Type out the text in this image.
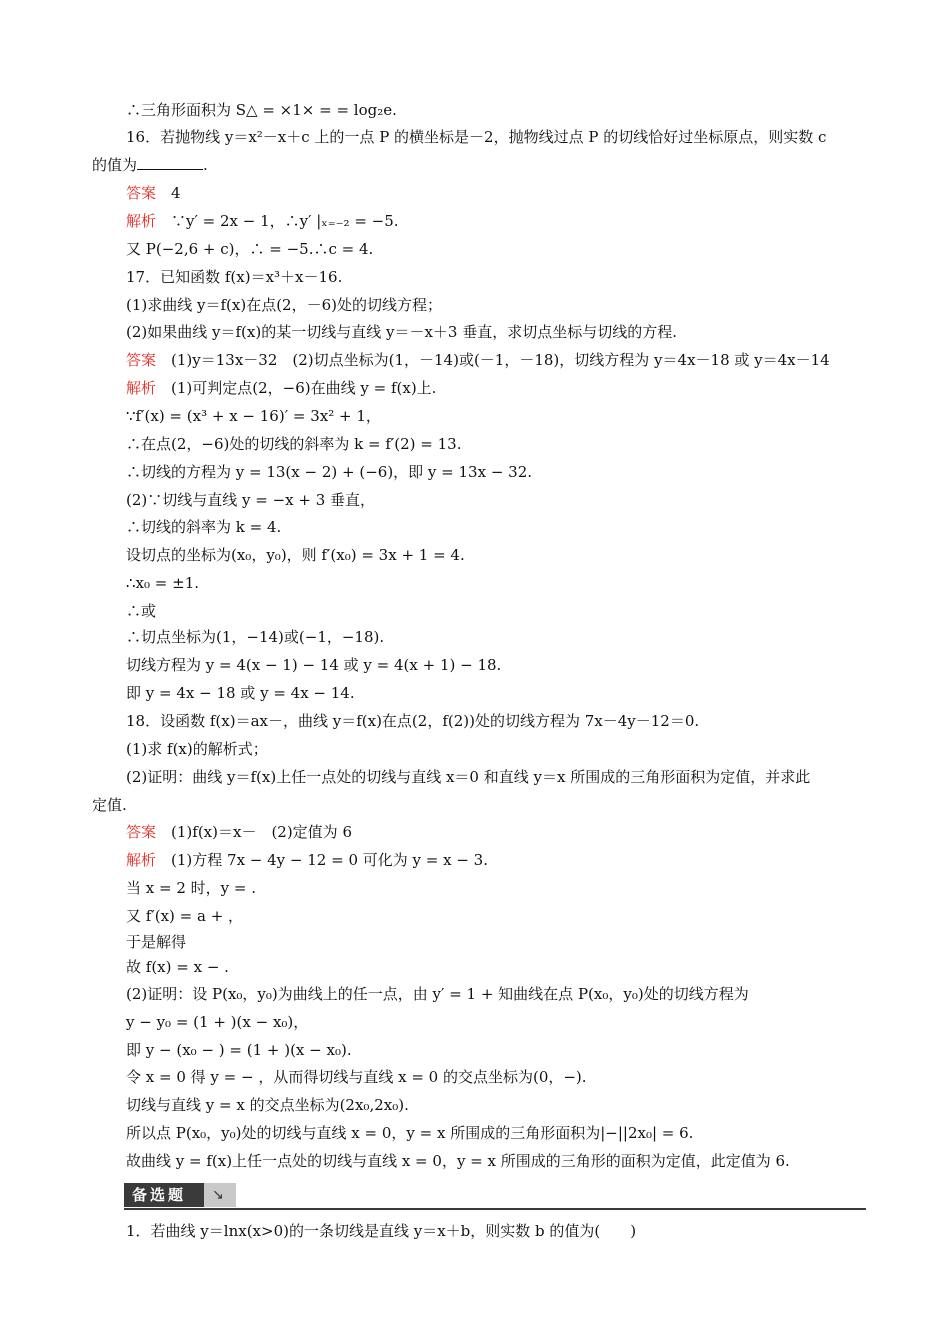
∴三角形面积为 S△ = ×1× = = log₂e.
16．若抛物线 y＝x²－x＋c 上的一点 P 的横坐标是－2，抛物线过点 P 的切线恰好过坐标原点，则实数 c
的值为	.
答案　4
解析　∵y′ = 2x − 1，∴y′ |ₓ₌₋₂ = −5.
又 P(−2,6 + c)，∴ = −5.∴c = 4.
17．已知函数 f(x)＝x³＋x－16.
(1)求曲线 y＝f(x)在点(2，－6)处的切线方程；
(2)如果曲线 y＝f(x)的某一切线与直线 y＝－x＋3 垂直，求切点坐标与切线的方程.
答案　(1)y＝13x－32　(2)切点坐标为(1，－14)或(－1，－18)，切线方程为 y＝4x－18 或 y＝4x－14
解析　(1)可判定点(2，−6)在曲线 y = f(x)上.
∵f′(x) = (x³ + x − 16)′ = 3x² + 1，
∴在点(2，−6)处的切线的斜率为 k = f′(2) = 13.
∴切线的方程为 y = 13(x − 2) + (−6)，即 y = 13x − 32.
(2)∵切线与直线 y = −x + 3 垂直，
∴切线的斜率为 k = 4.
设切点的坐标为(x₀，y₀)，则 f′(x₀) = 3x + 1 = 4.
∴x₀ = ±1.
∴或
∴切点坐标为(1，−14)或(−1，−18).
切线方程为 y = 4(x − 1) − 14 或 y = 4(x + 1) − 18.
即 y = 4x − 18 或 y = 4x − 14.
18．设函数 f(x)＝ax－，曲线 y＝f(x)在点(2，f(2))处的切线方程为 7x－4y－12＝0.
(1)求 f(x)的解析式；
(2)证明：曲线 y＝f(x)上任一点处的切线与直线 x＝0 和直线 y＝x 所围成的三角形面积为定值，并求此
定值.
答案　(1)f(x)＝x－　(2)定值为 6
解析　(1)方程 7x − 4y − 12 = 0 可化为 y = x − 3.
当 x = 2 时，y = .
又 f′(x) = a + ，
于是解得
故 f(x) = x − .
(2)证明：设 P(x₀，y₀)为曲线上的任一点，由 y′ = 1 + 知曲线在点 P(x₀，y₀)处的切线方程为
y − y₀ = (1 + )(x − x₀)，
即 y − (x₀ − ) = (1 + )(x − x₀).
令 x = 0 得 y = − ，从而得切线与直线 x = 0 的交点坐标为(0，−).
切线与直线 y = x 的交点坐标为(2x₀,2x₀).
所以点 P(x₀，y₀)处的切线与直线 x = 0，y = x 所围成的三角形面积为|−||2x₀| = 6.
故曲线 y = f(x)上任一点处的切线与直线 x = 0，y = x 所围成的三角形的面积为定值，此定值为 6.
备选题 ↘
1．若曲线 y＝lnx(x>0)的一条切线是直线 y＝x＋b，则实数 b 的值为(　　)
